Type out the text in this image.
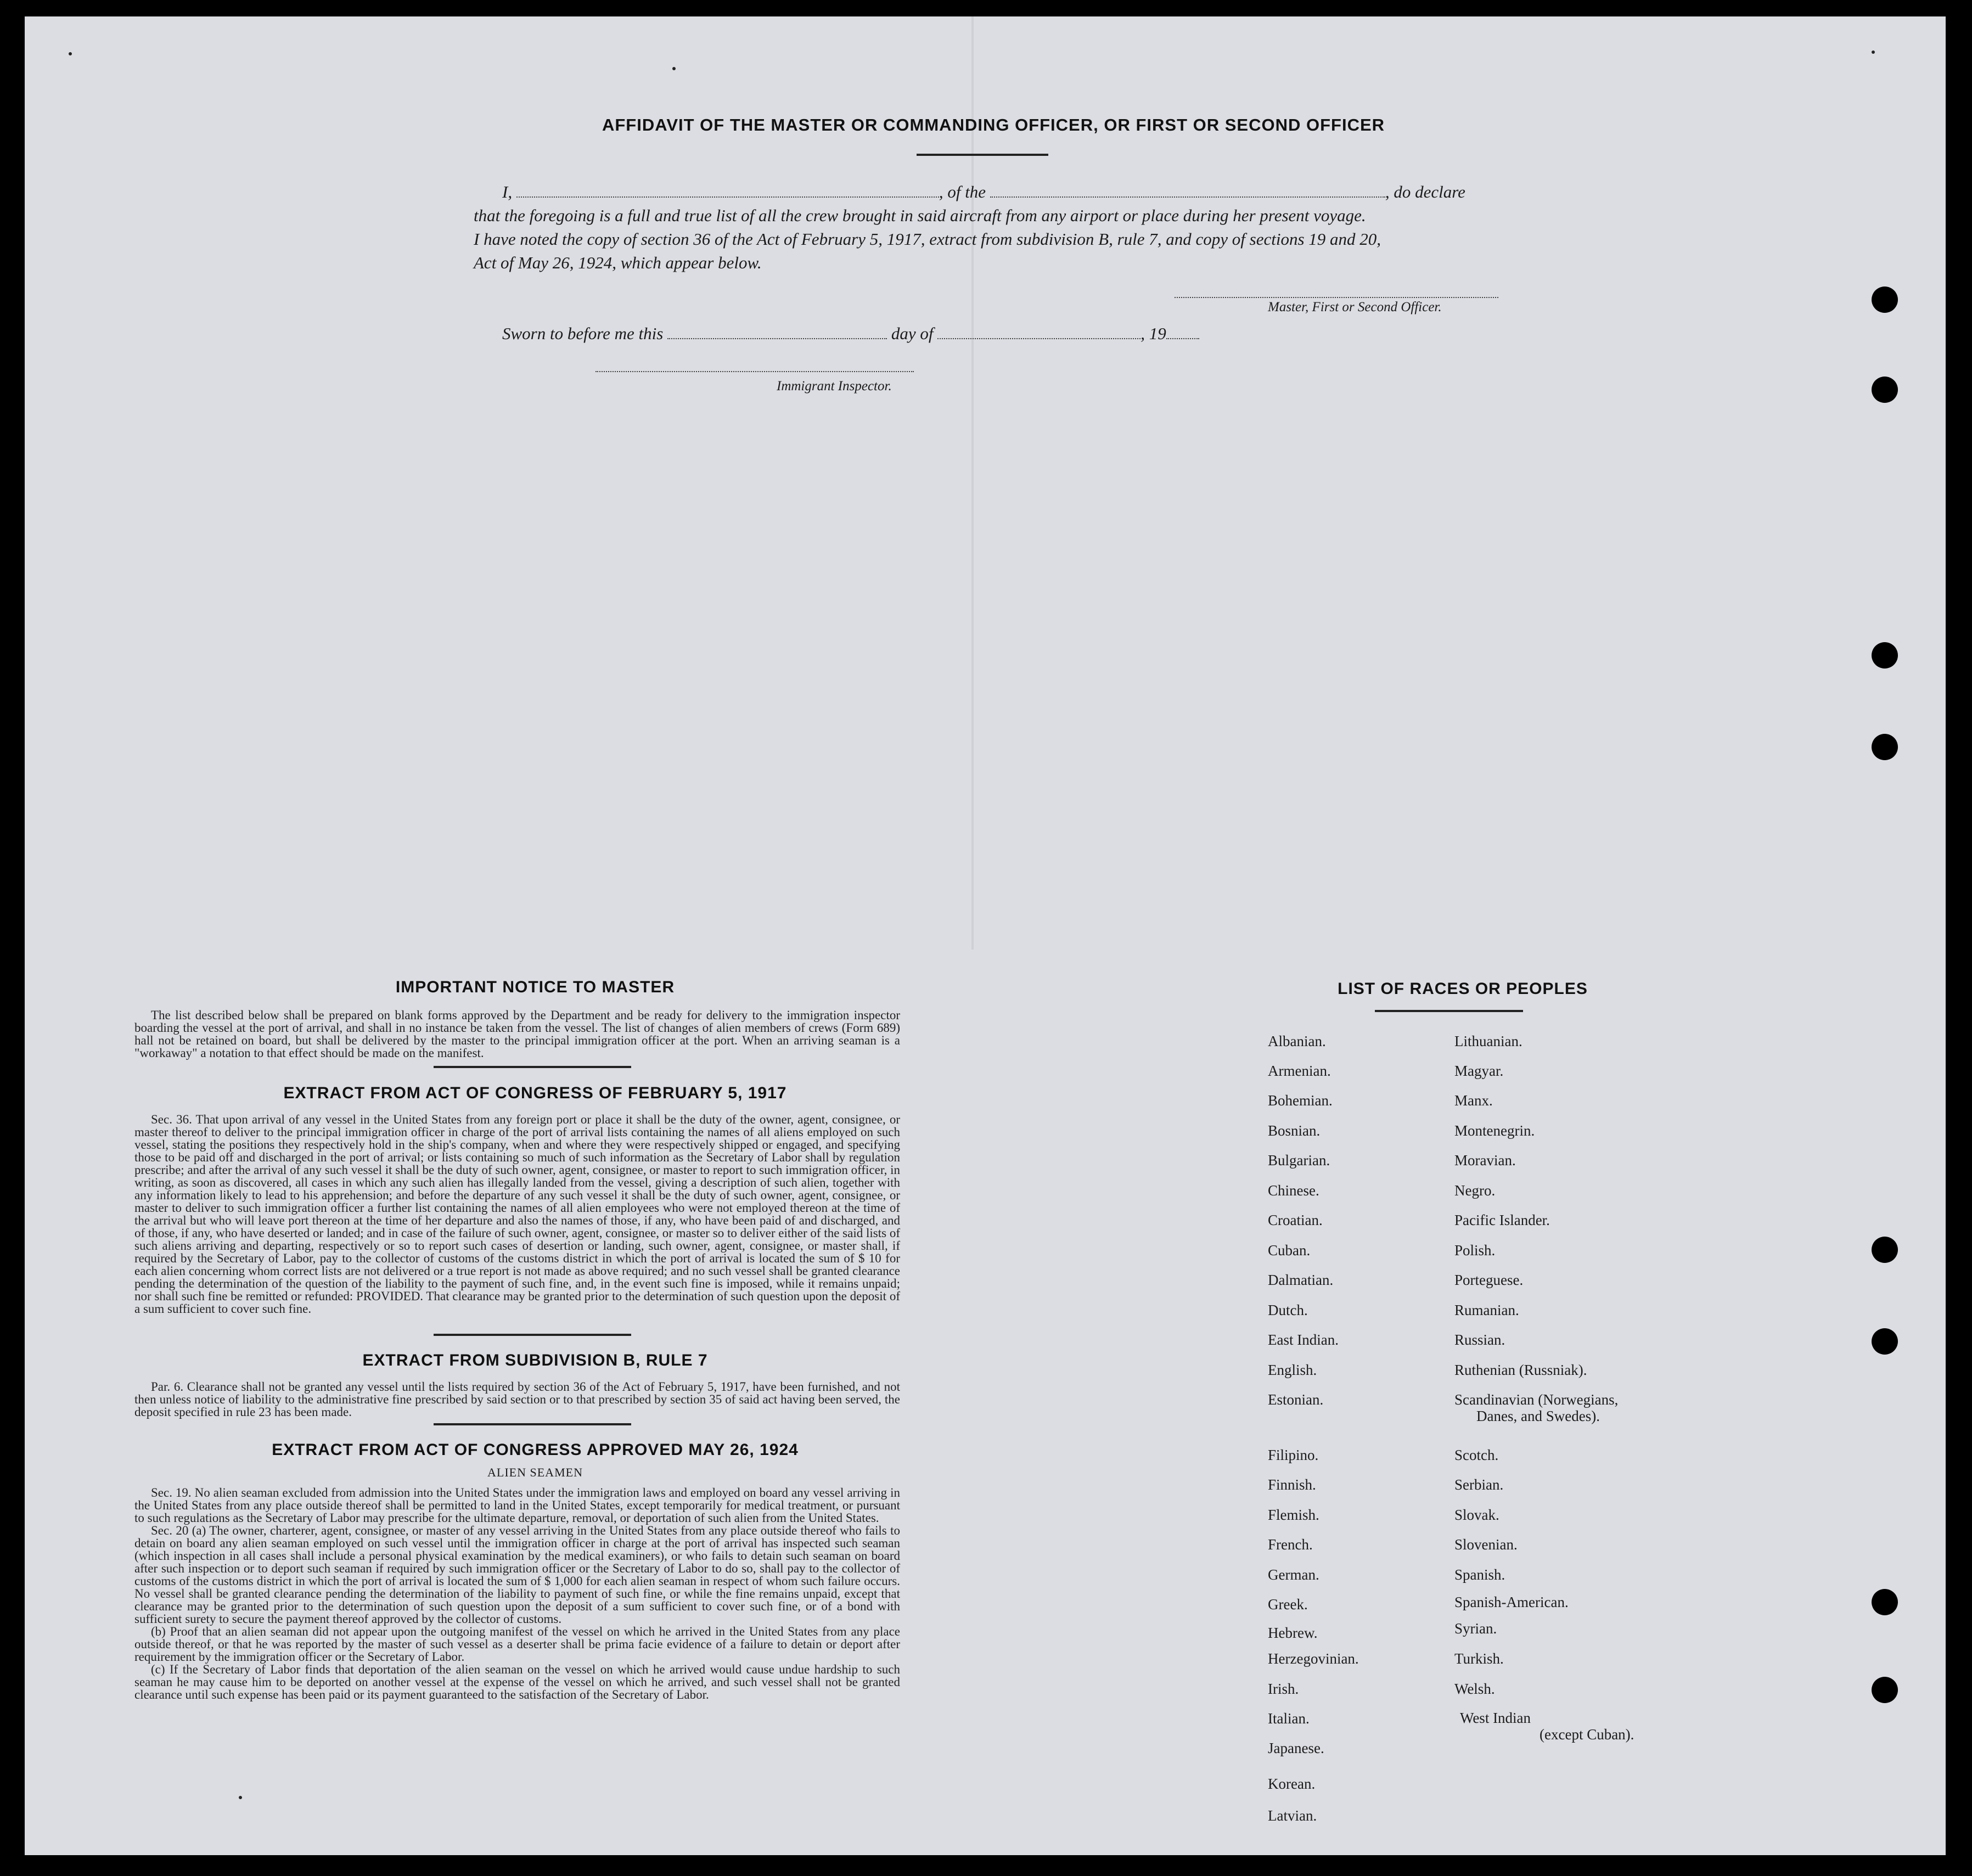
AFFIDAVIT OF THE MASTER OR COMMANDING OFFICER, OR FIRST OR SECOND OFFICER
I,	, of the	, do declare
that the foregoing is a full and true list of all the crew brought in said aircraft from any airport or place during her present voyage.
I have noted the copy of section 36 of the Act of February 5, 1917, extract from subdivision B, rule 7, and copy of sections 19 and 20,
Act of May 26, 1924, which appear below.
Master, First or Second Officer.
Sworn to before me this	day of	, 19
Immigrant Inspector.
IMPORTANT NOTICE TO MASTER

The list described below shall be prepared on blank forms approved by the Department and be ready for delivery to the immigration inspector boarding the vessel at the port of arrival, and shall in no instance be taken from the vessel. The list of changes of alien members of crews (Form 689) hall not be retained on board, but shall be delivered by the master to the principal immigration officer at the port. When an arriving seaman is a "workaway" a notation to that effect should be made on the manifest.

EXTRACT FROM ACT OF CONGRESS OF FEBRUARY 5, 1917

Sec. 36. That upon arrival of any vessel in the United States from any foreign port or place it shall be the duty of the owner, agent, consignee, or master thereof to deliver to the principal immigration officer in charge of the port of arrival lists containing the names of all aliens employed on such vessel, stating the positions they respectively hold in the ship's company, when and where they were respectively shipped or engaged, and specifying those to be paid off and discharged in the port of arrival; or lists containing so much of such information as the Secretary of Labor shall by regulation prescribe; and after the arrival of any such vessel it shall be the duty of such owner, agent, consignee, or master to report to such immigration officer, in writing, as soon as discovered, all cases in which any such alien has illegally landed from the vessel, giving a description of such alien, together with any information likely to lead to his apprehension; and before the departure of any such vessel it shall be the duty of such owner, agent, consignee, or master to deliver to such immigration officer a further list containing the names of all alien employees who were not employed thereon at the time of the arrival but who will leave port thereon at the time of her departure and also the names of those, if any, who have been paid of and discharged, and of those, if any, who have deserted or landed; and in case of the failure of such owner, agent, consignee, or master so to deliver either of the said lists of such aliens arriving and departing, respectively or so to report such cases of desertion or landing, such owner, agent, consignee, or master shall, if required by the Secretary of Labor, pay to the collector of customs of the customs district in which the port of arrival is located the sum of $ 10 for each alien concerning whom correct lists are not delivered or a true report is not made as above required; and no such vessel shall be granted clearance pending the determination of the question of the liability to the payment of such fine, and, in the event such fine is imposed, while it remains unpaid; nor shall such fine be remitted or refunded: PROVIDED. That clearance may be granted prior to the determination of such question upon the deposit of a sum sufficient to cover such fine.

EXTRACT FROM SUBDIVISION B, RULE 7

Par. 6. Clearance shall not be granted any vessel until the lists required by section 36 of the Act of February 5, 1917, have been furnished, and not then unless notice of liability to the administrative fine prescribed by said section or to that prescribed by section 35 of said act having been served, the deposit specified in rule 23 has been made.

EXTRACT FROM ACT OF CONGRESS APPROVED MAY 26, 1924
ALIEN SEAMEN

Sec. 19. No alien seaman excluded from admission into the United States under the immigration laws and employed on board any vessel arriving in the United States from any place outside thereof shall be permitted to land in the United States, except temporarily for medical treatment, or pursuant to such regulations as the Secretary of Labor may prescribe for the ultimate departure, removal, or deportation of such alien from the United States.

Sec. 20 (a) The owner, charterer, agent, consignee, or master of any vessel arriving in the United States from any place outside thereof who fails to detain on board any alien seaman employed on such vessel until the immigration officer in charge at the port of arrival has inspected such seaman (which inspection in all cases shall include a personal physical examination by the medical examiners), or who fails to detain such seaman on board after such inspection or to deport such seaman if required by such immigration officer or the Secretary of Labor to do so, shall pay to the collector of customs of the customs district in which the port of arrival is located the sum of $ 1,000 for each alien seaman in respect of whom such failure occurs. No vessel shall be granted clearance pending the determination of the liability to payment of such fine, or while the fine remains unpaid, except that clearance may be granted prior to the determination of such question upon the deposit of a sum sufficient to cover such fine, or of a bond with sufficient surety to secure the payment thereof approved by the collector of customs.

(b) Proof that an alien seaman did not appear upon the outgoing manifest of the vessel on which he arrived in the United States from any place outside thereof, or that he was reported by the master of such vessel as a deserter shall be prima facie evidence of a failure to detain or deport after requirement by the immigration officer or the Secretary of Labor.

(c) If the Secretary of Labor finds that deportation of the alien seaman on the vessel on which he arrived would cause undue hardship to such seaman he may cause him to be deported on another vessel at the expense of the vessel on which he arrived, and such vessel shall not be granted clearance until such expense has been paid or its payment guaranteed to the satisfaction of the Secretary of Labor.

LIST OF RACES OR PEOPLES
Albanian.
Armenian.
Bohemian.
Bosnian.
Bulgarian.
Chinese.
Croatian.
Cuban.
Dalmatian.
Dutch.
East Indian.
English.
Estonian.
Filipino.
Finnish.
Flemish.
French.
German.
Greek.
Hebrew.
Herzegovinian.
Irish.
Italian.
Japanese.
Korean.
Latvian.
Lithuanian.
Magyar.
Manx.
Montenegrin.
Moravian.
Negro.
Pacific Islander.
Polish.
Porteguese.
Rumanian.
Russian.
Ruthenian (Russniak).
Scandinavian (Norwegians,
Danes, and Swedes).
Scotch.
Serbian.
Slovak.
Slovenian.
Spanish.
Spanish-American.
Syrian.
Turkish.
Welsh.
West Indian
(except Cuban).
